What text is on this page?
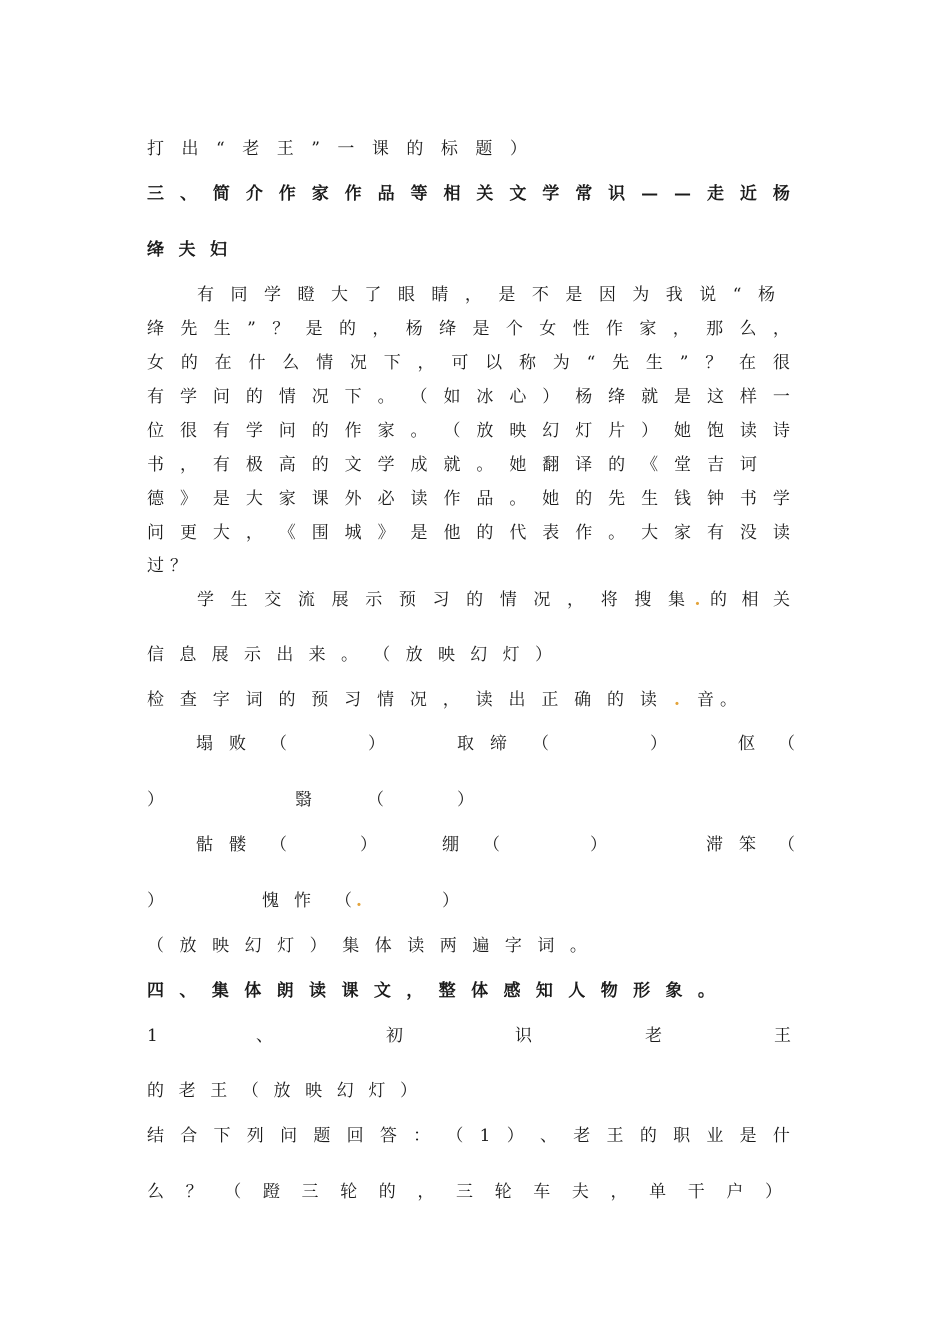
打 出 “ 老 王 ” 一 课 的 标 题 ）
三 、 简 介 作 家 作 品 等 相 关 文 学 常 识 — — 走 近 杨
绛 夫 妇
有 同 学 瞪 大 了 眼 睛 ， 是 不 是 因 为 我 说 “ 杨
绛 先 生 ” ？ 是 的 ， 杨 绛 是 个 女 性 作 家 ， 那 么 ，
女 的 在 什 么 情 况 下 ， 可 以 称 为 “ 先 生 ” ？ 在 很
有 学 问 的 情 况 下 。 （ 如 冰 心 ） 杨 绛 就 是 这 样 一
位 很 有 学 问 的 作 家 。 （ 放 映 幻 灯 片 ） 她 饱 读 诗
书 ， 有 极 高 的 文 学 成 就 。 她 翻 译 的 《 堂 吉 诃
德 》 是 大 家 课 外 必 读 作 品 。 她 的 先 生 钱 钟 书 学
问 更 大 ， 《 围 城 》 是 他 的 代 表 作 。 大 家 有 没 读
过 ？
学 生 交 流 展 示 预 习 的 情 况 ， 将 搜 集 . 的 相 关
信 息 展 示 出 来 。 （ 放 映 幻 灯 ）
检 查 字 词 的 预 习 情 况 ， 读 出 正 确 的 读 . 音 。
塌 败 （	）	取 缔 （	）	伛 （
）	翳	（	）
骷 髅 （	）	绷 （	）	滞 笨 （
）	愧 怍 （ .	）
（ 放 映 幻 灯 ） 集 体 读 两 遍 字 词 。
四 、 集 体 朗 读 课 文 ， 整 体 感 知 人 物 形 象 。
1	、	初	识	老	王
的 老 王 （ 放 映 幻 灯 ）
结 合 下 列 问 题 回 答 ： （ 1 ） 、 老 王 的 职 业 是 什
么 ？ （ 蹬 三 轮 的 ， 三 轮 车 夫 ， 单 干 户 ）
